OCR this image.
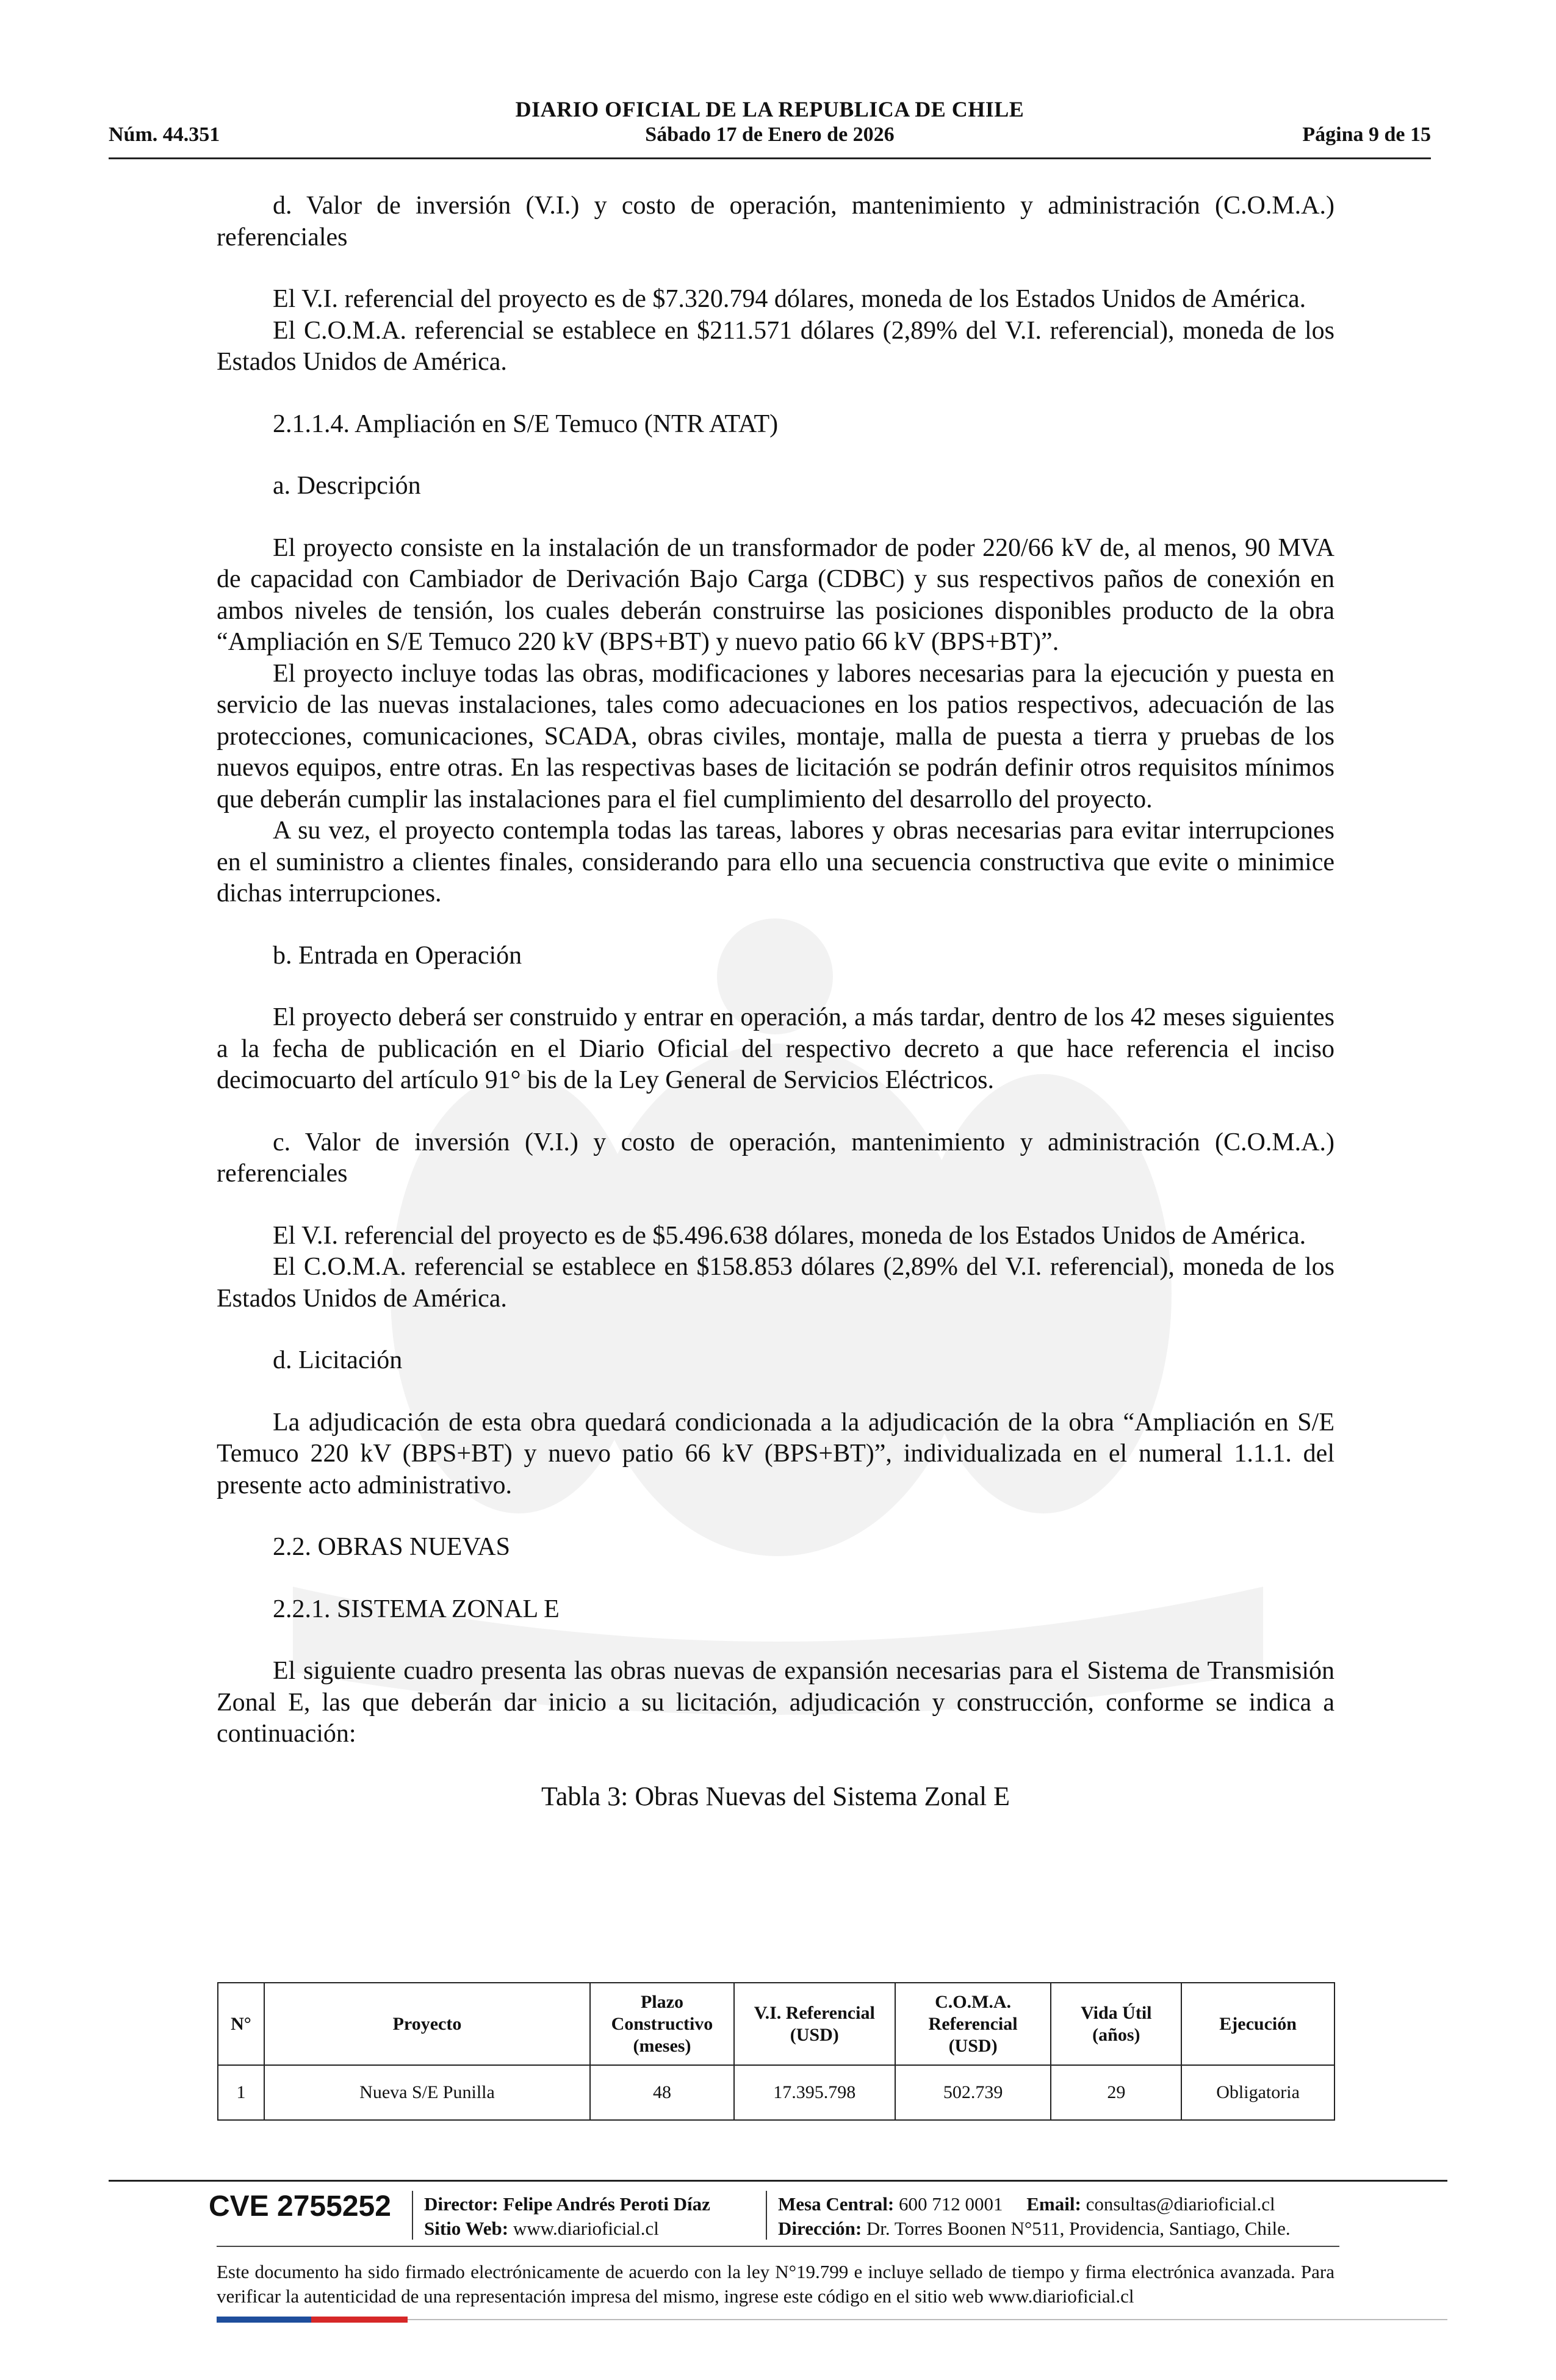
DIARIO OFICIAL DE LA REPUBLICA DE CHILE
Núm. 44.351	Sábado 17 de Enero de 2026	Página 9 de 15

d. Valor de inversión (V.I.) y costo de operación, mantenimiento y administración (C.O.M.A.) referenciales

El V.I. referencial del proyecto es de $7.320.794 dólares, moneda de los Estados Unidos de América.

El C.O.M.A. referencial se establece en $211.571 dólares (2,89% del V.I. referencial), moneda de los Estados Unidos de América.

2.1.1.4. Ampliación en S/E Temuco (NTR ATAT)

a. Descripción

El proyecto consiste en la instalación de un transformador de poder 220/66 kV de, al menos, 90 MVA de capacidad con Cambiador de Derivación Bajo Carga (CDBC) y sus respectivos paños de conexión en ambos niveles de tensión, los cuales deberán construirse las posiciones disponibles producto de la obra “Ampliación en S/E Temuco 220 kV (BPS+BT) y nuevo patio 66 kV (BPS+BT)”.

El proyecto incluye todas las obras, modificaciones y labores necesarias para la ejecución y puesta en servicio de las nuevas instalaciones, tales como adecuaciones en los patios respectivos, adecuación de las protecciones, comunicaciones, SCADA, obras civiles, montaje, malla de puesta a tierra y pruebas de los nuevos equipos, entre otras. En las respectivas bases de licitación se podrán definir otros requisitos mínimos que deberán cumplir las instalaciones para el fiel cumplimiento del desarrollo del proyecto.

A su vez, el proyecto contempla todas las tareas, labores y obras necesarias para evitar interrupciones en el suministro a clientes finales, considerando para ello una secuencia constructiva que evite o minimice dichas interrupciones.

b. Entrada en Operación

El proyecto deberá ser construido y entrar en operación, a más tardar, dentro de los 42 meses siguientes a la fecha de publicación en el Diario Oficial del respectivo decreto a que hace referencia el inciso decimocuarto del artículo 91° bis de la Ley General de Servicios Eléctricos.

c. Valor de inversión (V.I.) y costo de operación, mantenimiento y administración (C.O.M.A.) referenciales

El V.I. referencial del proyecto es de $5.496.638 dólares, moneda de los Estados Unidos de América.

El C.O.M.A. referencial se establece en $158.853 dólares (2,89% del V.I. referencial), moneda de los Estados Unidos de América.

d. Licitación

La adjudicación de esta obra quedará condicionada a la adjudicación de la obra “Ampliación en S/E Temuco 220 kV (BPS+BT) y nuevo patio 66 kV (BPS+BT)”, individualizada en el numeral 1.1.1. del presente acto administrativo.

2.2. OBRAS NUEVAS

2.2.1. SISTEMA ZONAL E

El siguiente cuadro presenta las obras nuevas de expansión necesarias para el Sistema de Transmisión Zonal E, las que deberán dar inicio a su licitación, adjudicación y construcción, conforme se indica a continuación:

Tabla 3: Obras Nuevas del Sistema Zonal E

N°	Proyecto	Plazo
Constructivo
(meses)	V.I. Referencial
(USD)	C.O.M.A.
Referencial
(USD)	Vida Útil
(años)	Ejecución
1	Nueva S/E Punilla	48	17.395.798	502.739	29	Obligatoria
CVE 2755252 Director: Felipe Andrés Peroti Díaz
Sitio Web: www.diarioficial.cl
Mesa Central: 600 712 0001 Email: consultas@diarioficial.cl
Dirección: Dr. Torres Boonen N°511, Providencia, Santiago, Chile.
Este documento ha sido firmado electrónicamente de acuerdo con la ley N°19.799 e incluye sellado de tiempo y firma electrónica avanzada. Para verificar la autenticidad de una representación impresa del mismo, ingrese este código en el sitio web www.diarioficial.cl
